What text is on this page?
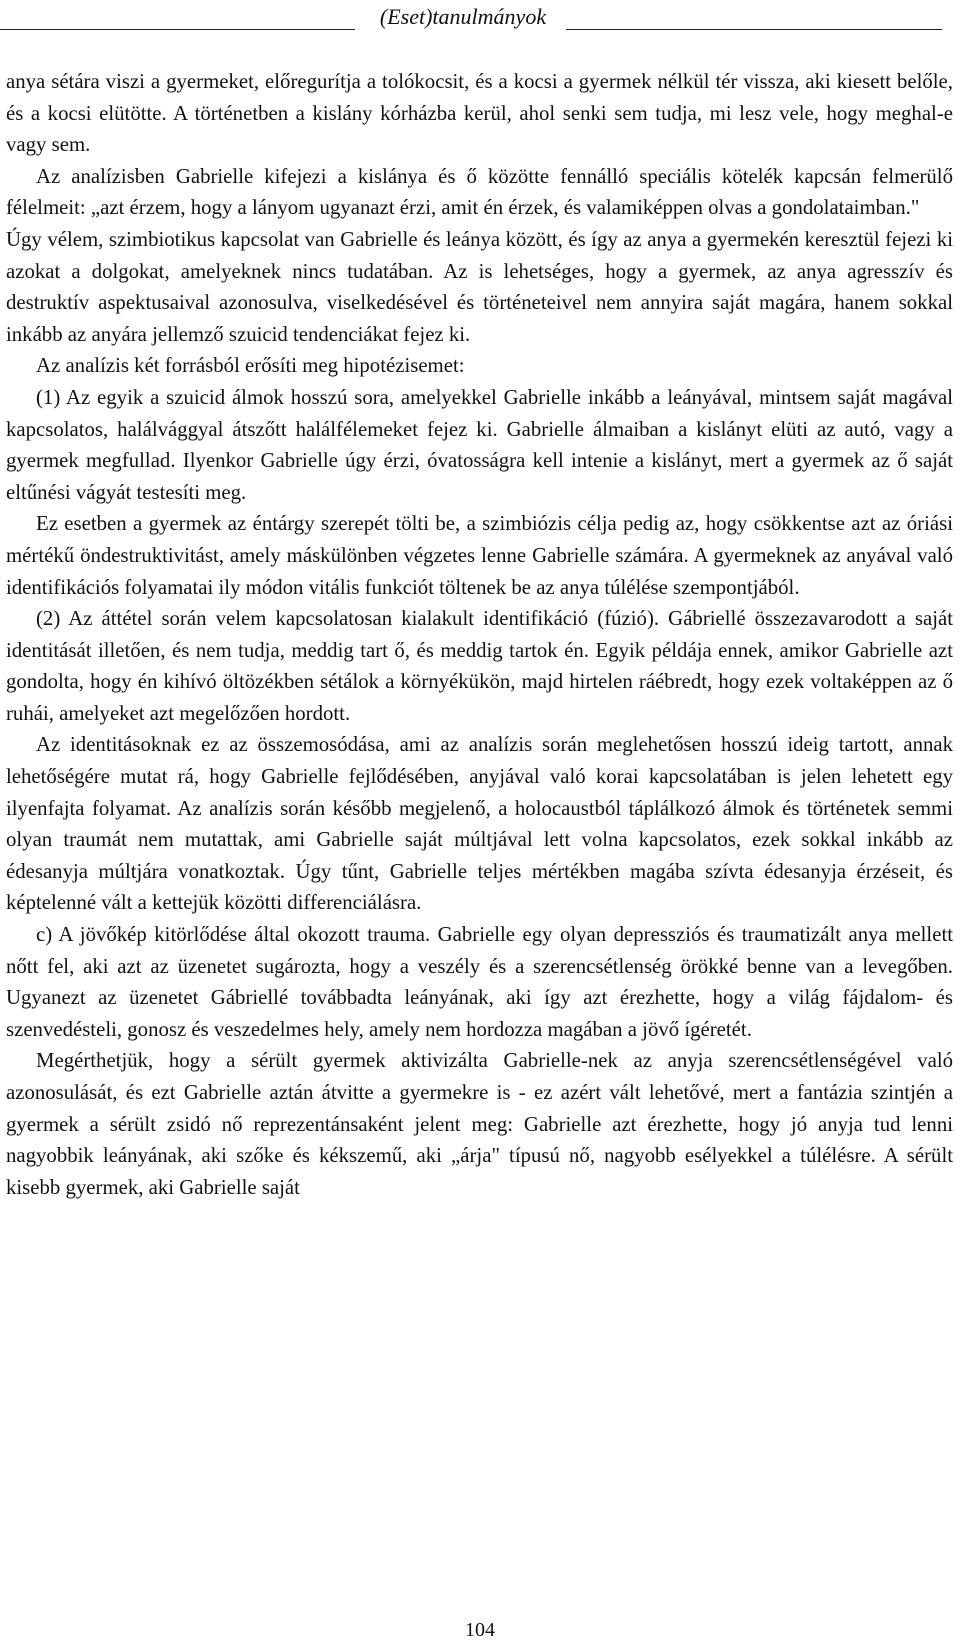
(Eset)tanulmányok

anya sétára viszi a gyermeket, előregurítja a tolókocsit, és a kocsi a gyermek nélkül tér vissza, aki kiesett belőle, és a kocsi elütötte. A történetben a kislány kórházba kerül, ahol senki sem tudja, mi lesz vele, hogy meghal-e vagy sem.

Az analízisben Gabrielle kifejezi a kislánya és ő közötte fennálló speciális kötelék kapcsán felmerülő félelmeit: „azt érzem, hogy a lányom ugyanazt érzi, amit én érzek, és valamiképpen olvas a gondolataimban."

Úgy vélem, szimbiotikus kapcsolat van Gabrielle és leánya között, és így az anya a gyermekén keresztül fejezi ki azokat a dolgokat, amelyeknek nincs tudatában. Az is lehetséges, hogy a gyermek, az anya agresszív és destruktív aspektusaival azonosulva, viselkedésével és történeteivel nem annyira saját magára, hanem sokkal inkább az anyára jellemző szuicid tendenciákat fejez ki.

Az analízis két forrásból erősíti meg hipotézisemet:

(1) Az egyik a szuicid álmok hosszú sora, amelyekkel Gabrielle inkább a leányával, mintsem saját magával kapcsolatos, halálvággyal átszőtt halálfélemeket fejez ki. Gabrielle álmaiban a kislányt elüti az autó, vagy a gyermek megfullad. Ilyenkor Gabrielle úgy érzi, óvatosságra kell intenie a kislányt, mert a gyermek az ő saját eltűnési vágyát testesíti meg.

Ez esetben a gyermek az éntárgy szerepét tölti be, a szimbiózis célja pedig az, hogy csökkentse azt az óriási mértékű öndestruktivitást, amely máskülönben végzetes lenne Gabrielle számára. A gyermeknek az anyával való identifikációs folyamatai ily módon vitális funkciót töltenek be az anya túlélése szempontjából.

(2) Az áttétel során velem kapcsolatosan kialakult identifikáció (fúzió). Gábriellé összezavarodott a saját identitását illetően, és nem tudja, meddig tart ő, és meddig tartok én. Egyik példája ennek, amikor Gabrielle azt gondolta, hogy én kihívó öltözékben sétálok a környékükön, majd hirtelen ráébredt, hogy ezek voltaképpen az ő ruhái, amelyeket azt megelőzően hordott.

Az identitásoknak ez az összemosódása, ami az analízis során meglehetősen hosszú ideig tartott, annak lehetőségére mutat rá, hogy Gabrielle fejlődésében, anyjával való korai kapcsolatában is jelen lehetett egy ilyenfajta folyamat. Az analízis során később megjelenő, a holocaustból táplálkozó álmok és történetek semmi olyan traumát nem mutattak, ami Gabrielle saját múltjával lett volna kapcsolatos, ezek sokkal inkább az édesanyja múltjára vonatkoztak. Úgy tűnt, Gabrielle teljes mértékben magába szívta édesanyja érzéseit, és képtelenné vált a kettejük közötti differenciálásra.

c) A jövőkép kitörlődése által okozott trauma. Gabrielle egy olyan depressziós és traumatizált anya mellett nőtt fel, aki azt az üzenetet sugározta, hogy a veszély és a szerencsétlenség örökké benne van a levegőben. Ugyanezt az üzenetet Gábriellé továbbadta leányának, aki így azt érezhette, hogy a világ fájdalom- és szenvedésteli, gonosz és veszedelmes hely, amely nem hordozza magában a jövő ígéretét.

Megérthetjük, hogy a sérült gyermek aktivizálta Gabrielle-nek az anyja szerencsétlenségével való azonosulását, és ezt Gabrielle aztán átvitte a gyermekre is - ez azért vált lehetővé, mert a fantázia szintjén a gyermek a sérült zsidó nő reprezentánsaként jelent meg: Gabrielle azt érezhette, hogy jó anyja tud lenni nagyobbik leányának, aki szőke és kékszemű, aki „árja" típusú nő, nagyobb esélyekkel a túlélésre. A sérült kisebb gyermek, aki Gabrielle saját

104
